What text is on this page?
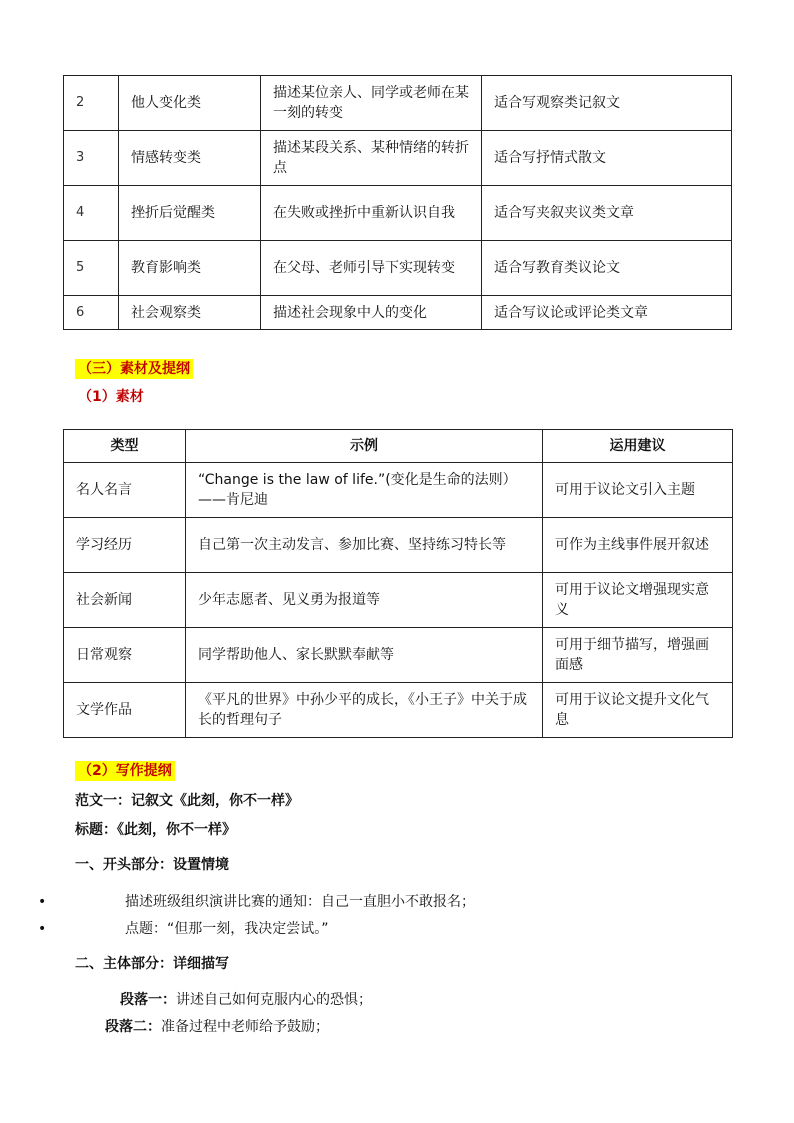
2	他人变化类	描述某位亲人、同学或老师在某一刻的转变	适合写观察类记叙文
3	情感转变类	描述某段关系、某种情绪的转折点	适合写抒情式散文
4	挫折后觉醒类	在失败或挫折中重新认识自我	适合写夹叙夹议类文章
5	教育影响类	在父母、老师引导下实现转变	适合写教育类议论文
6	社会观察类	描述社会现象中人的变化	适合写议论或评论类文章
（三）素材及提纲
（1）素材
类型	示例	运用建议
名人名言	“Change is the law of life.”(变化是生命的法则）——肯尼迪	可用于议论文引入主题
学习经历	自己第一次主动发言、参加比赛、坚持练习特长等	可作为主线事件展开叙述
社会新闻	少年志愿者、见义勇为报道等	可用于议论文增强现实意义
日常观察	同学帮助他人、家长默默奉献等	可用于细节描写，增强画面感
文学作品	《平凡的世界》中孙少平的成长，《小王子》中关于成长的哲理句子	可用于议论文提升文化气息
（2）写作提纲
范文一：记叙文《此刻，你不一样》
标题：《此刻，你不一样》
一、开头部分：设置情境
•	描述班级组织演讲比赛的通知：自己一直胆小不敢报名；
•	点题：“但那一刻，我决定尝试。”
二、主体部分：详细描写
段落一：讲述自己如何克服内心的恐惧；
段落二：准备过程中老师给予鼓励；
